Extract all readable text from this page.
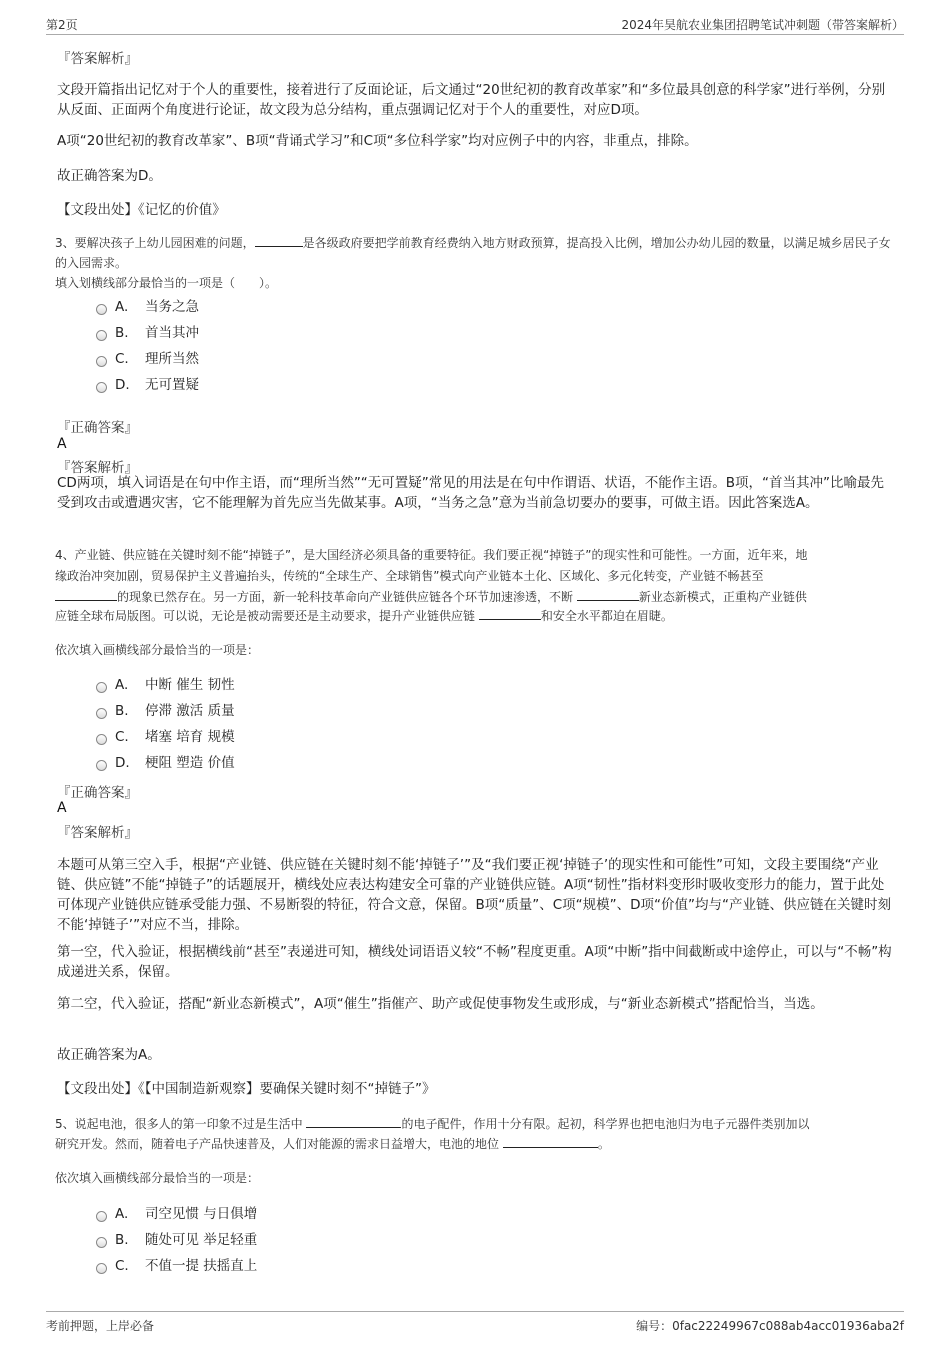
第2页	2024年昊航农业集团招聘笔试冲刺题（带答案解析）
『答案解析』
文段开篇指出记忆对于个人的重要性，接着进行了反面论证，后文通过“20世纪初的教育改革家”和“多位最具创意的科学家”进行举例，分别从反面、正面两个角度进行论证，故文段为总分结构，重点强调记忆对于个人的重要性，对应D项。
A项“20世纪初的教育改革家”、B项“背诵式学习”和C项“多位科学家”均对应例子中的内容，非重点，排除。
故正确答案为D。
【文段出处】《记忆的价值》
3、要解决孩子上幼儿园困难的问题，	是各级政府要把学前教育经费纳入地方财政预算，提高投入比例，增加公办幼儿园的数量，以满足城乡居民子女的入园需求。
填入划横线部分最恰当的一项是（　　）。
A. 当务之急
B. 首当其冲
C. 理所当然
D. 无可置疑
『正确答案』
A
『答案解析』
CD两项，填入词语是在句中作主语，而“理所当然”“无可置疑”常见的用法是在句中作谓语、状语，不能作主语。B项，“首当其冲”比喻最先受到攻击或遭遇灾害，它不能理解为首先应当先做某事。A项，“当务之急”意为当前急切要办的要事，可做主语。因此答案选A。
4、产业链、供应链在关键时刻不能“掉链子”，是大国经济必须具备的重要特征。我们要正视“掉链子”的现实性和可能性。一方面，近年来，地
缘政治冲突加剧，贸易保护主义普遍抬头，传统的“全球生产、全球销售”模式向产业链本土化、区域化、多元化转变，产业链不畅甚至
的现象已然存在。另一方面，新一轮科技革命向产业链供应链各个环节加速渗透，不断	新业态新模式，正重构产业链供
应链全球布局版图。可以说，无论是被动需要还是主动要求，提升产业链供应链	和安全水平都迫在眉睫。
依次填入画横线部分最恰当的一项是：
A. 中断 催生 韧性
B. 停滞 激活 质量
C. 堵塞 培育 规模
D. 梗阻 塑造 价值
『正确答案』
A
『答案解析』
本题可从第三空入手，根据“产业链、供应链在关键时刻不能‘掉链子’”及“我们要正视‘掉链子’的现实性和可能性”可知，文段主要围绕“产业链、供应链”不能“掉链子”的话题展开，横线处应表达构建安全可靠的产业链供应链。A项“韧性”指材料变形时吸收变形力的能力，置于此处可体现产业链供应链承受能力强、不易断裂的特征，符合文意，保留。B项“质量”、C项“规模”、D项“价值”均与“产业链、供应链在关键时刻不能‘掉链子’”对应不当，排除。
第一空，代入验证，根据横线前“甚至”表递进可知，横线处词语语义较“不畅”程度更重。A项“中断”指中间截断或中途停止，可以与“不畅”构成递进关系，保留。
第二空，代入验证，搭配“新业态新模式”，A项“催生”指催产、助产或促使事物发生或形成，与“新业态新模式”搭配恰当，当选。
故正确答案为A。
【文段出处】《【中国制造新观察】要确保关键时刻不“掉链子”》
5、说起电池，很多人的第一印象不过是生活中	的电子配件，作用十分有限。起初，科学界也把电池归为电子元器件类别加以
研究开发。然而，随着电子产品快速普及，人们对能源的需求日益增大，电池的地位	。
依次填入画横线部分最恰当的一项是：
A. 司空见惯 与日俱增
B. 随处可见 举足轻重
C. 不值一提 扶摇直上
考前押题，上岸必备	编号：0fac22249967c088ab4acc01936aba2f
